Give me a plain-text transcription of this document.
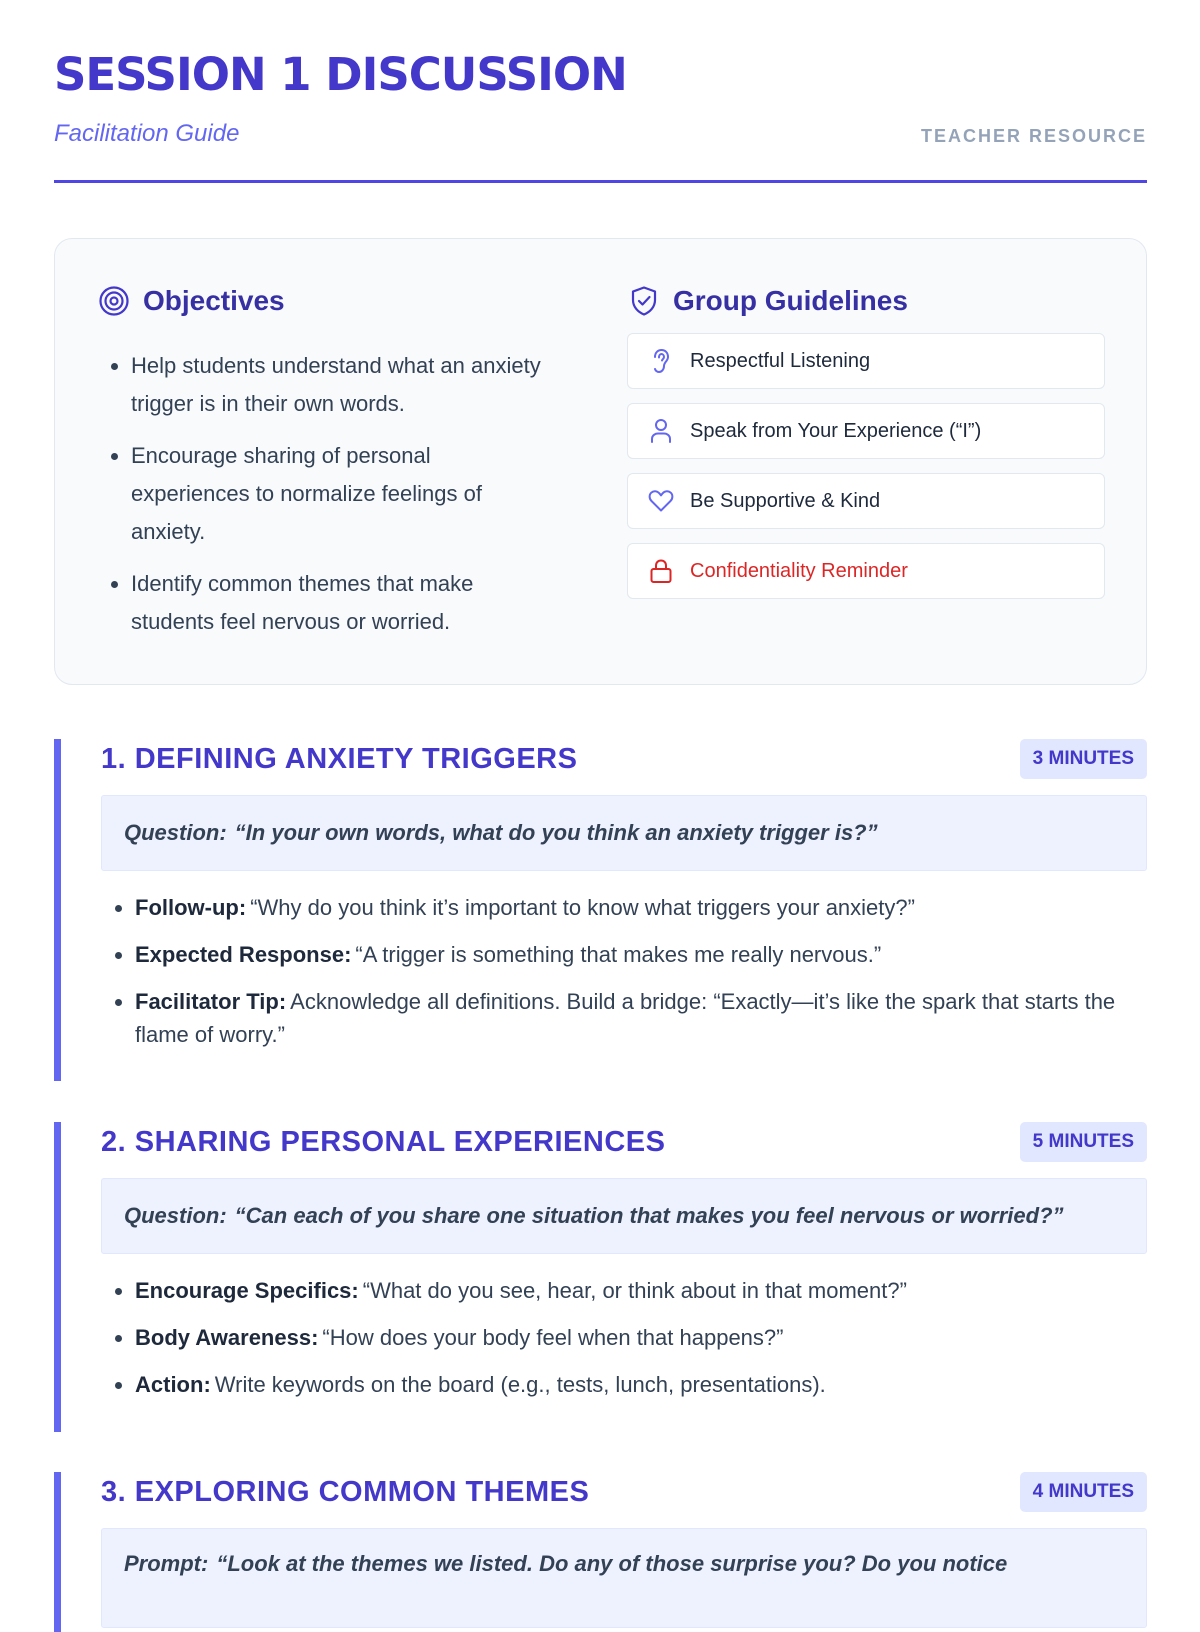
SESSION 1 DISCUSSION
Facilitation Guide	TEACHER RESOURCE
Objectives
• Help students understand what an anxiety trigger is in their own words.
• Encourage sharing of personal experiences to normalize feelings of anxiety.
• Identify common themes that make students feel nervous or worried.
Group Guidelines
Respectful Listening
Speak from Your Experience (“I”)
Be Supportive & Kind
Confidentiality Reminder
1. DEFINING ANXIETY TRIGGERS	3 MINUTES
Question: “In your own words, what do you think an anxiety trigger is?”
• Follow-up: “Why do you think it’s important to know what triggers your anxiety?”
• Expected Response: “A trigger is something that makes me really nervous.”
• Facilitator Tip: Acknowledge all definitions. Build a bridge: “Exactly—it’s like the spark that starts the flame of worry.”
2. SHARING PERSONAL EXPERIENCES	5 MINUTES
Question: “Can each of you share one situation that makes you feel nervous or worried?”
• Encourage Specifics: “What do you see, hear, or think about in that moment?”
• Body Awareness: “How does your body feel when that happens?”
• Action: Write keywords on the board (e.g., tests, lunch, presentations).
3. EXPLORING COMMON THEMES	4 MINUTES
Prompt: “Look at the themes we listed. Do any of those surprise you? Do you notice
